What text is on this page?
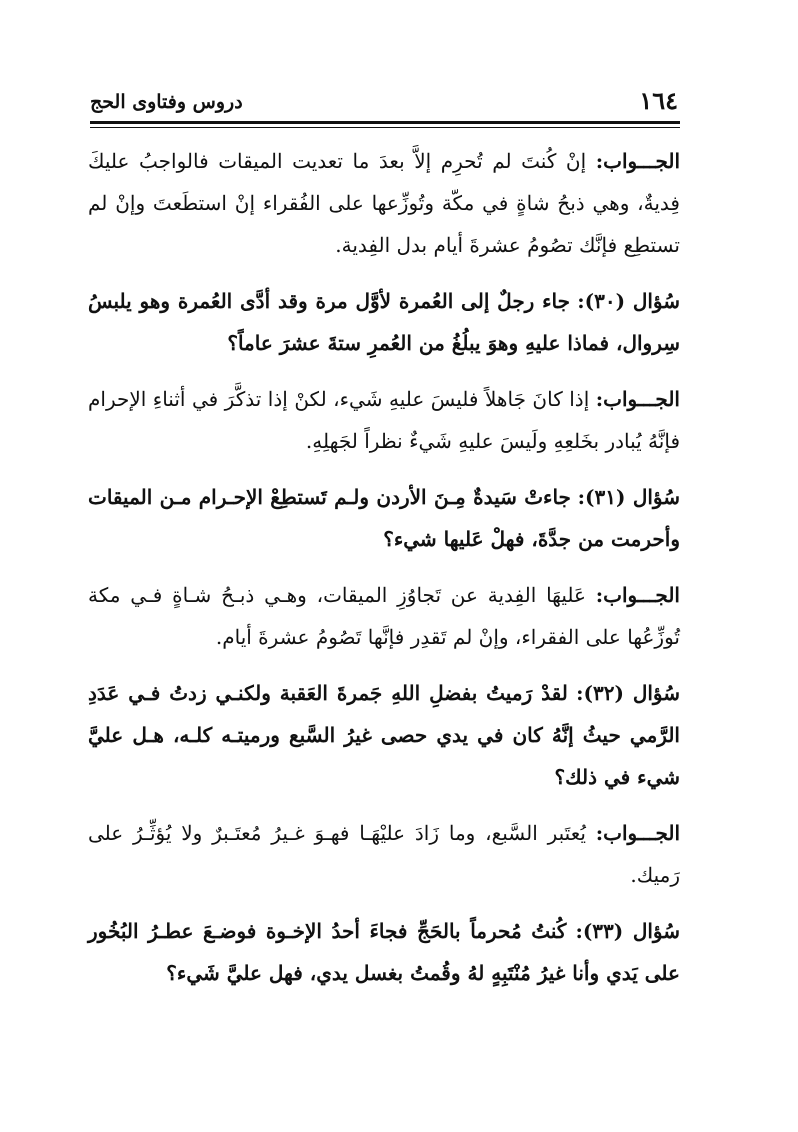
١٦٤
دروس وفتاوى الحج

الجـــواب: إنْ كُنتَ لم تُحرِم إلاَّ بعدَ ما تعديت الميقات فالواجبُ عليكَ فِديةٌ، وهي ذبحُ شاةٍ في مكّة وتُوزِّعها على الفُقراء إنْ استطَعتَ وإنْ لم تستطِع فإنَّك تصُومُ عشرةَ أيام بدل الفِدية.

سُؤال (٣٠): جاء رجلٌ إلى العُمرة لأوَّل مرة وقد أدَّى العُمرة وهو يلبسُ سِروال، فماذا عليهِ وهوَ يبلُغُ من العُمرِ ستةَ عشرَ عاماً؟

الجـــواب: إذا كانَ جَاهلاً فليسَ عليهِ شَيء، لكنْ إذا تذكَّرَ في أثناءِ الإحرام فإنَّهُ يُبادر بخَلعِهِ ولَيسَ عليهِ شَيءٌ نظراً لجَهلِهِ.

سُؤال (٣١): جاءتْ سَيدةٌ مِـنَ الأردن ولـم تَستطِعْ الإحـرام مـن الميقات وأحرمت من جدَّةَ، فهلْ عَليها شيء؟

الجـــواب: عَليهَا الفِدية عن تَجاوُزِ الميقات، وهـي ذبـحُ شـاةٍ فـي مكة تُوزِّعُها على الفقراء، وإنْ لم تَقدِر فإنَّها تَصُومُ عشرةَ أيام.

سُؤال (٣٢): لقدْ رَميتُ بفضلِ اللهِ جَمرةَ العَقبة ولكنـي زدتُ فـي عَدَدِ الرَّمي حيثُ إنَّهُ كان في يدي حصى غيرُ السَّبع ورميتـه كلـه، هـل عليَّ شيء في ذلك؟

الجـــواب: يُعتَبر السَّبع، وما زَادَ عليْهَـا فهـوَ غـيرُ مُعتَـبرٌ ولا يُؤثِّـرُ على رَميك.

سُؤال (٣٣): كُنتُ مُحرماً بالحَجِّ فجاءَ أحدُ الإخـوة فوضـعَ عطـرُ البُخُور على يَدي وأنا غيرُ مُنْتَبِهٍ لهُ وقُمتُ بغسل يدي، فهل عليَّ شَيء؟
